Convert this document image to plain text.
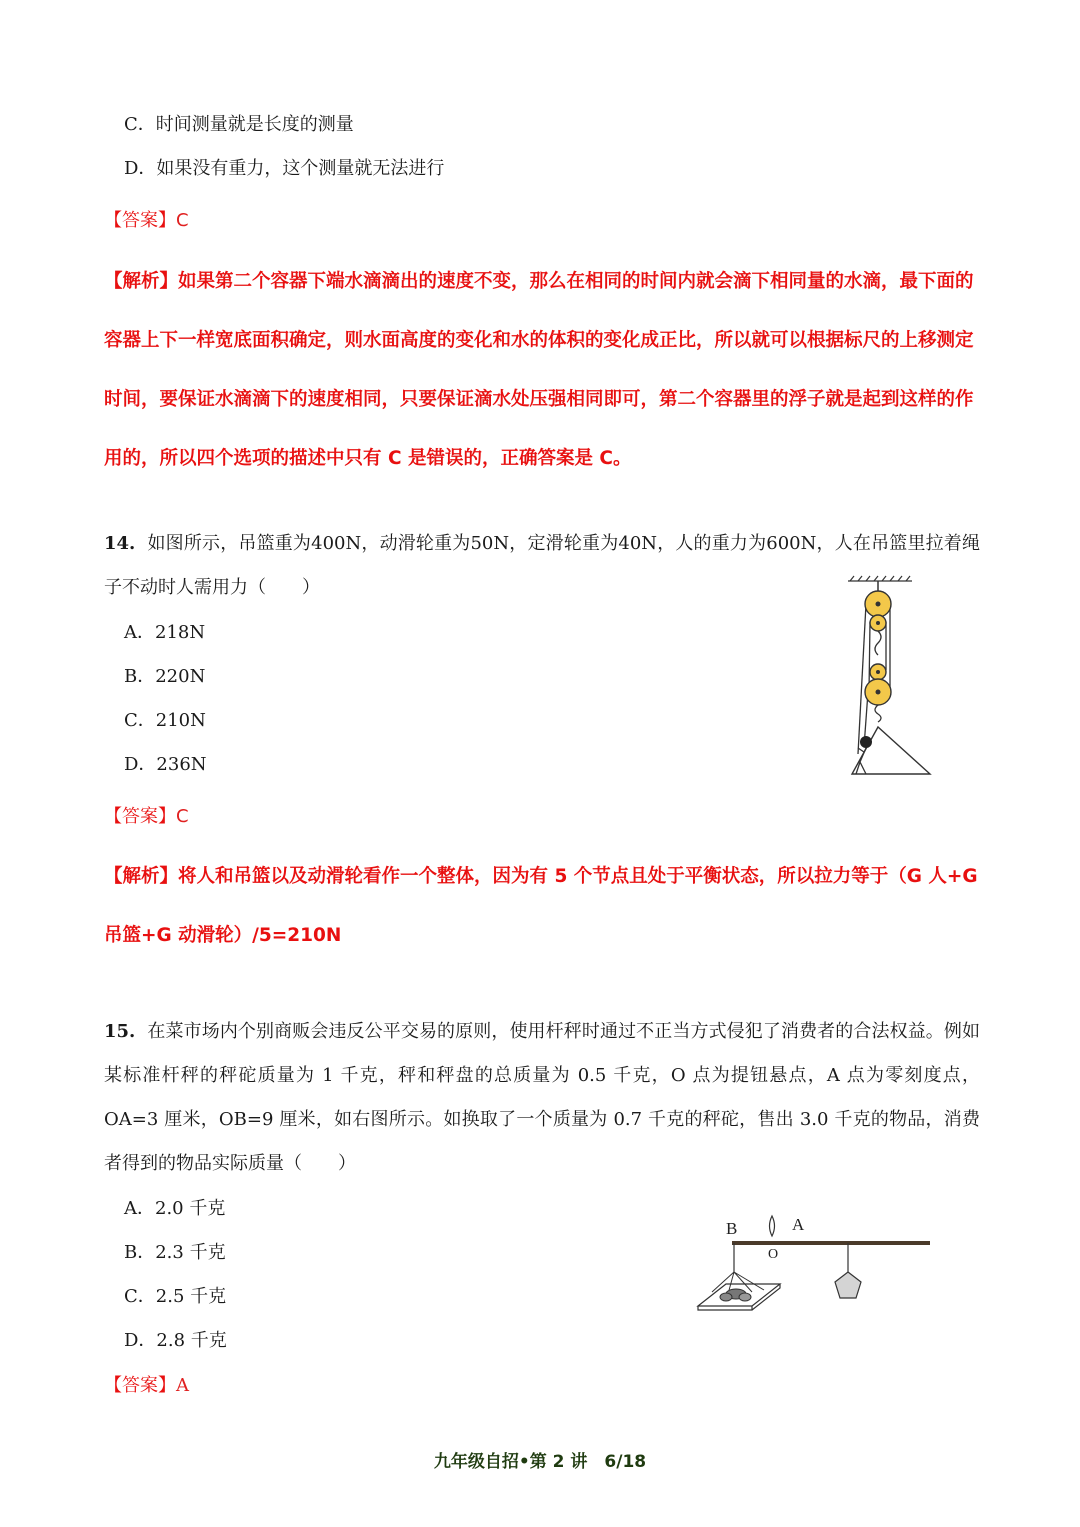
C．时间测量就是长度的测量
D．如果没有重力，这个测量就无法进行
【答案】C
【解析】如果第二个容器下端水滴滴出的速度不变，那么在相同的时间内就会滴下相同量的水滴，最下面的容器上下一样宽底面积确定，则水面高度的变化和水的体积的变化成正比，所以就可以根据标尺的上移测定时间，要保证水滴滴下的速度相同，只要保证滴水处压强相同即可，第二个容器里的浮子就是起到这样的作用的，所以四个选项的描述中只有 C 是错误的，正确答案是 C。
14. 如图所示，吊篮重为400N，动滑轮重为50N，定滑轮重为40N，人的重力为600N，人在吊篮里拉着绳子不动时人需用力（　　）
A．218N
B．220N
C．210N
D．236N
【答案】C
【解析】将人和吊篮以及动滑轮看作一个整体，因为有 5 个节点且处于平衡状态，所以拉力等于（G 人+G 吊篮+G 动滑轮）/5=210N
15. 在菜市场内个别商贩会违反公平交易的原则，使用杆秤时通过不正当方式侵犯了消费者的合法权益。例如某标准杆秤的秤砣质量为 1 千克，秤和秤盘的总质量为 0.5 千克，O 点为提钮悬点，A 点为零刻度点，OA=3 厘米，OB=9 厘米，如右图所示。如换取了一个质量为 0.7 千克的秤砣，售出 3.0 千克的物品，消费者得到的物品实际质量（　　）
A．2.0 千克
B．2.3 千克
C．2.5 千克
D．2.8 千克
【答案】A
B	A
O
九年级自招•第 2 讲　6/18
